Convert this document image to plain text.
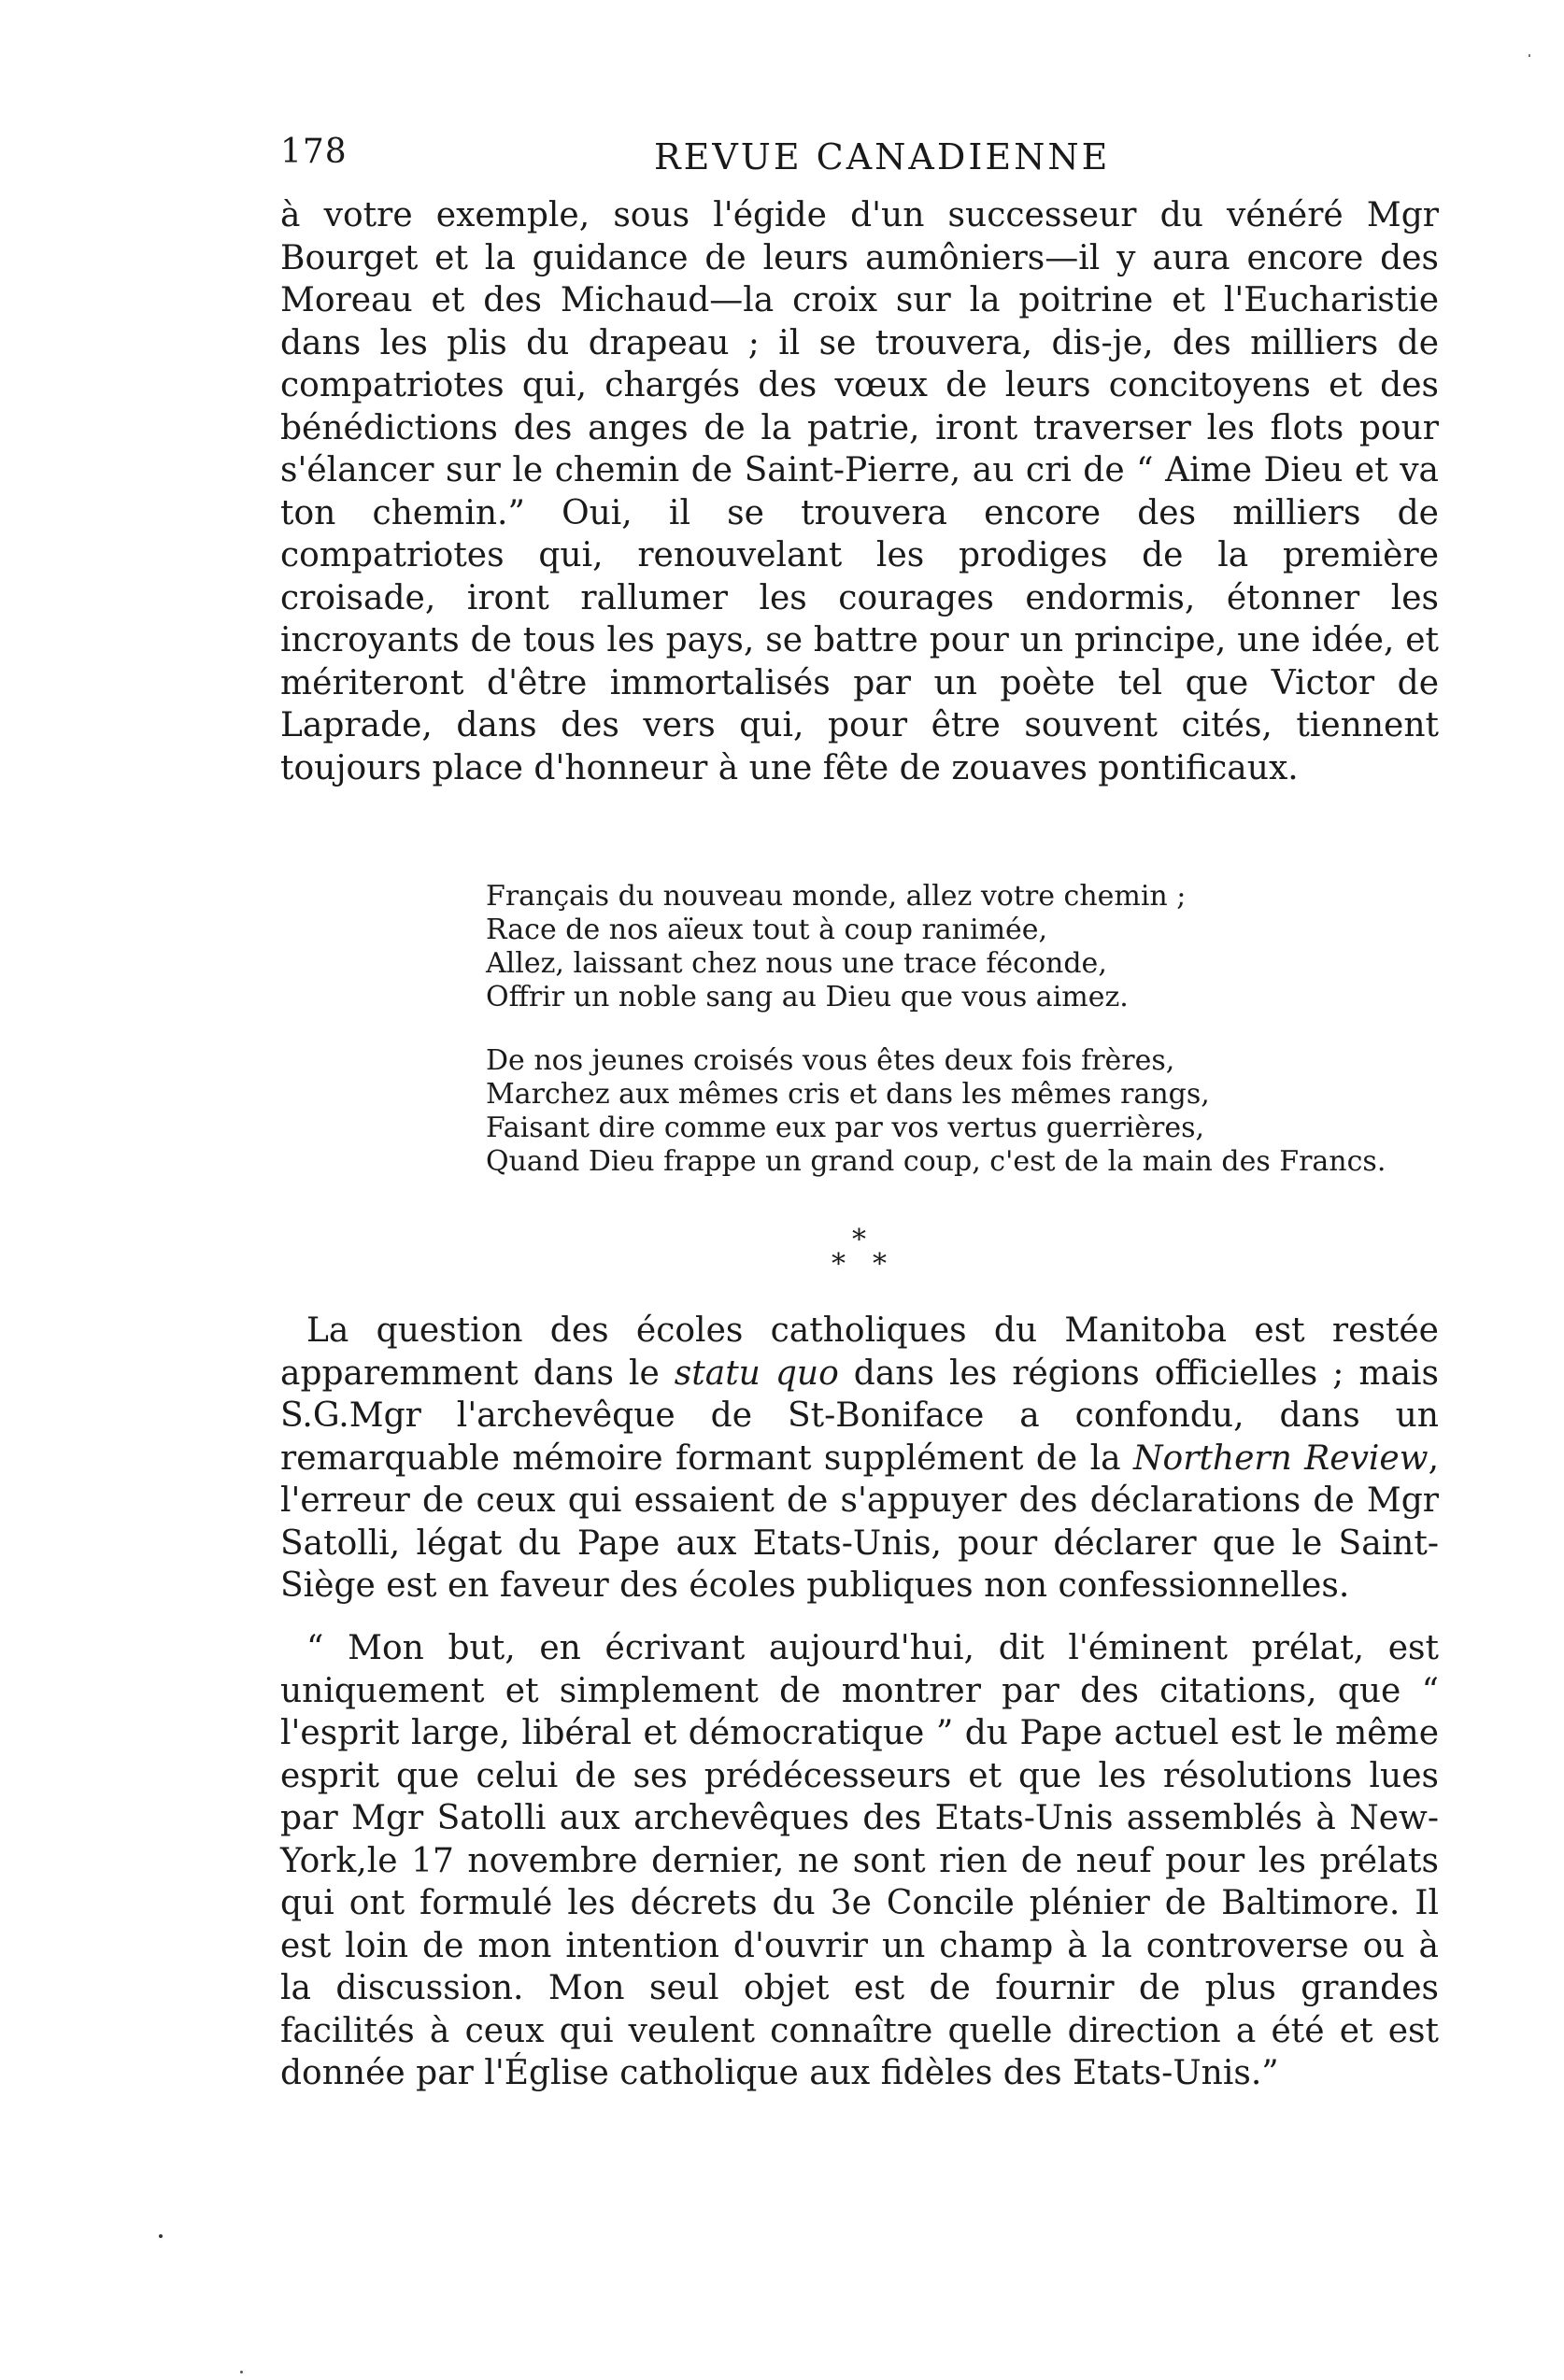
178	REVUE CANADIENNE

à votre exemple, sous l'égide d'un successeur du vénéré Mgr Bourget et la guidance de leurs aumôniers—il y aura encore des Moreau et des Michaud—la croix sur la poitrine et l'Eucharistie dans les plis du drapeau ; il se trouvera, dis-je, des milliers de compatriotes qui, chargés des vœux de leurs concitoyens et des bénédictions des anges de la patrie, iront traverser les flots pour s'élancer sur le chemin de Saint-Pierre, au cri de “ Aime Dieu et va ton chemin.” Oui, il se trouvera encore des milliers de compatriotes qui, renouvelant les prodiges de la première croisade, iront rallumer les courages endormis, étonner les incroyants de tous les pays, se battre pour un principe, une idée, et mériteront d'être immortalisés par un poète tel que Victor de Laprade, dans des vers qui, pour être souvent cités, tiennent toujours place d'honneur à une fête de zouaves pontificaux.

Français du nouveau monde, allez votre chemin ;
Race de nos aïeux tout à coup ranimée,
Allez, laissant chez nous une trace féconde,
Offrir un noble sang au Dieu que vous aimez.
De nos jeunes croisés vous êtes deux fois frères,
Marchez aux mêmes cris et dans les mêmes rangs,
Faisant dire comme eux par vos vertus guerrières,
Quand Dieu frappe un grand coup, c'est de la main des Francs.
*
* *

La question des écoles catholiques du Manitoba est restée apparemment dans le statu quo dans les régions officielles ; mais S.G.Mgr l'archevêque de St-Boniface a confondu, dans un remarquable mémoire formant supplément de la Northern Review, l'erreur de ceux qui essaient de s'appuyer des déclarations de Mgr Satolli, légat du Pape aux Etats-Unis, pour déclarer que le Saint-Siège est en faveur des écoles publiques non confessionnelles.

“ Mon but, en écrivant aujourd'hui, dit l'éminent prélat, est uniquement et simplement de montrer par des citations, que “ l'esprit large, libéral et démocratique ” du Pape actuel est le même esprit que celui de ses prédécesseurs et que les résolutions lues par Mgr Satolli aux archevêques des Etats-Unis assemblés à New-York,le 17 novembre dernier, ne sont rien de neuf pour les prélats qui ont formulé les décrets du 3e Concile plénier de Baltimore. Il est loin de mon intention d'ouvrir un champ à la controverse ou à la discussion. Mon seul objet est de fournir de plus grandes facilités à ceux qui veulent connaître quelle direction a été et est donnée par l'Église catholique aux fidèles des Etats-Unis.”
